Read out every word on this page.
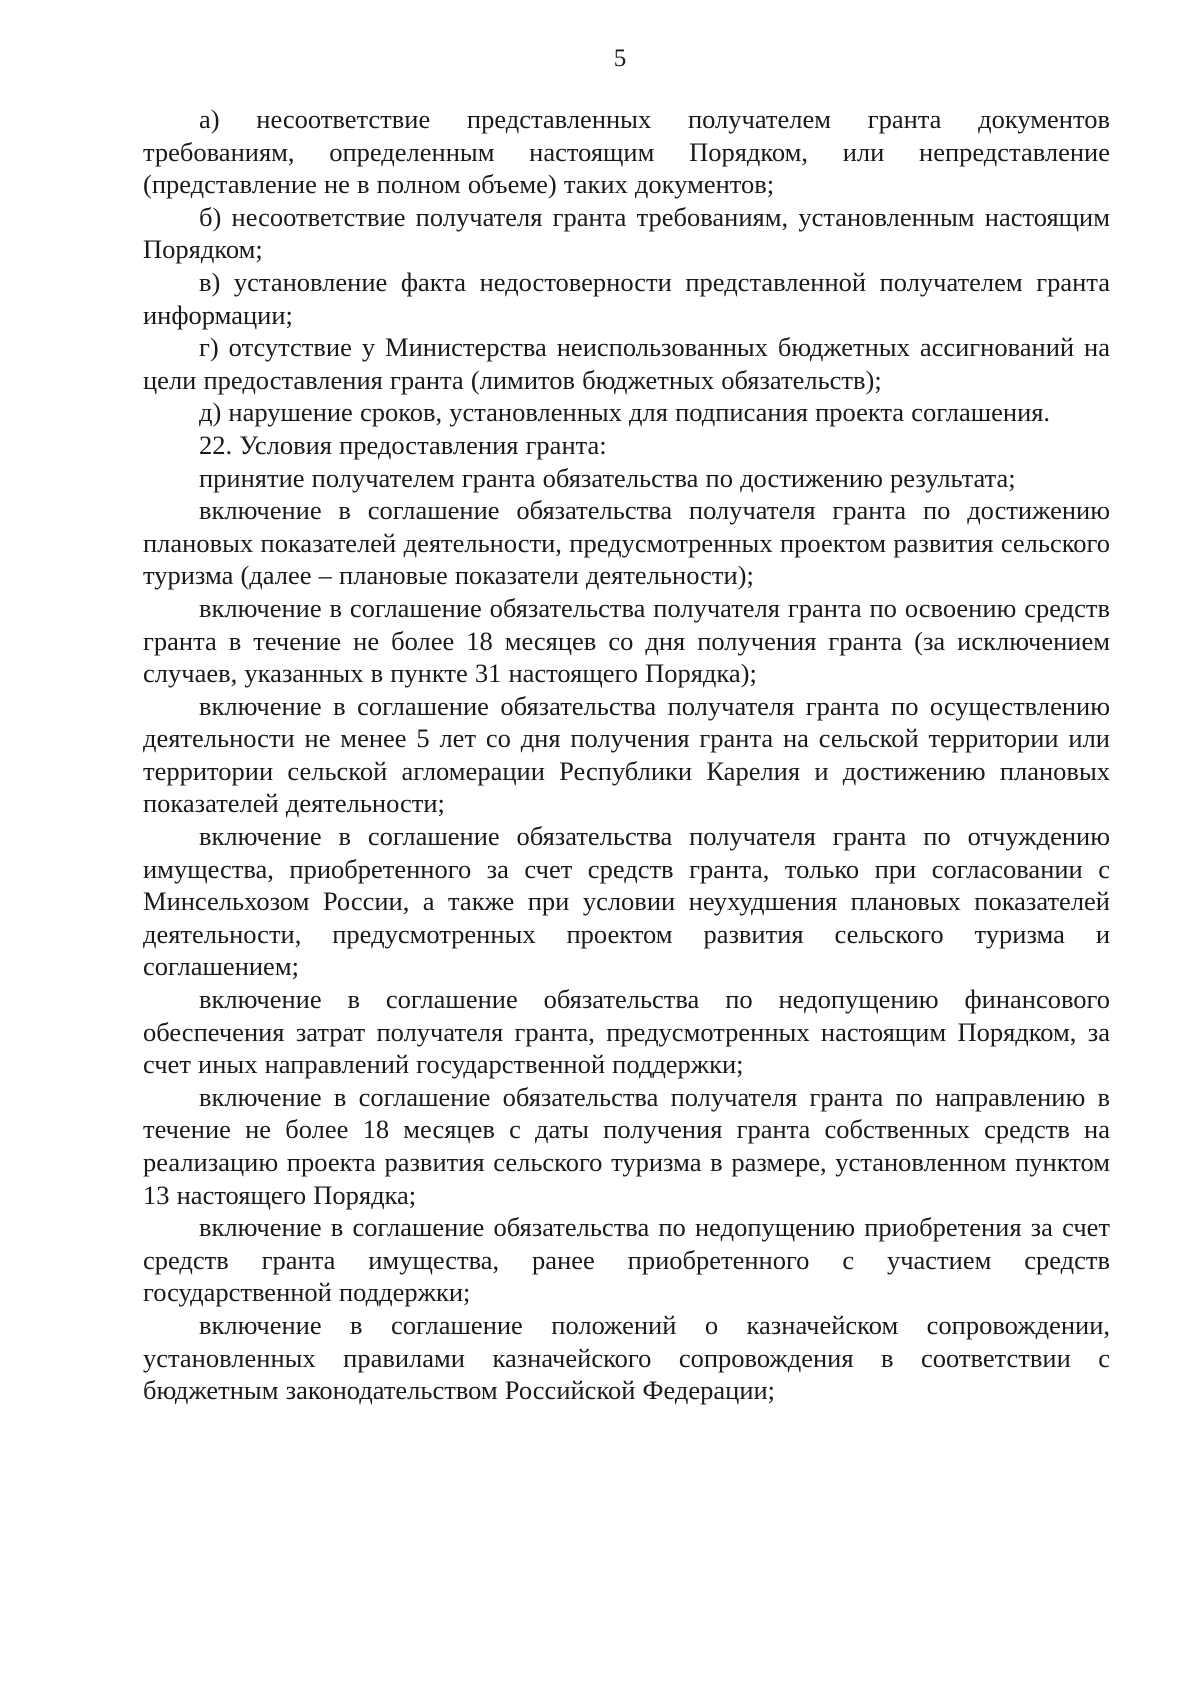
5

а) несоответствие представленных получателем гранта документов требованиям, определенным настоящим Порядком, или непредставление (представление не в полном объеме) таких документов;

б) несоответствие получателя гранта требованиям, установленным настоящим Порядком;

в) установление факта недостоверности представленной получателем гранта информации;

г) отсутствие у Министерства неиспользованных бюджетных ассигнований на цели предоставления гранта (лимитов бюджетных обязательств);

д) нарушение сроков, установленных для подписания проекта соглашения.

22. Условия предоставления гранта:

принятие получателем гранта обязательства по достижению результата;

включение в соглашение обязательства получателя гранта по достижению плановых показателей деятельности, предусмотренных проектом развития сельского туризма (далее – плановые показатели деятельности);

включение в соглашение обязательства получателя гранта по освоению средств гранта в течение не более 18 месяцев со дня получения гранта (за исключением случаев, указанных в пункте 31 настоящего Порядка);

включение в соглашение обязательства получателя гранта по осуществлению деятельности не менее 5 лет со дня получения гранта на сельской территории или территории сельской агломерации Республики Карелия и достижению плановых показателей деятельности;

включение в соглашение обязательства получателя гранта по отчуждению имущества, приобретенного за счет средств гранта, только при согласовании с Минсельхозом России, а также при условии неухудшения плановых показателей деятельности, предусмотренных проектом развития сельского туризма и соглашением;

включение в соглашение обязательства по недопущению финансового обеспечения затрат получателя гранта, предусмотренных настоящим Порядком, за счет иных направлений государственной поддержки;

включение в соглашение обязательства получателя гранта по направлению в течение не более 18 месяцев с даты получения гранта собственных средств на реализацию проекта развития сельского туризма в размере, установленном пунктом 13 настоящего Порядка;

включение в соглашение обязательства по недопущению приобретения за счет средств гранта имущества, ранее приобретенного с участием средств государственной поддержки;

включение в соглашение положений о казначейском сопровождении, установленных правилами казначейского сопровождения в соответствии с бюджетным законодательством Российской Федерации;
